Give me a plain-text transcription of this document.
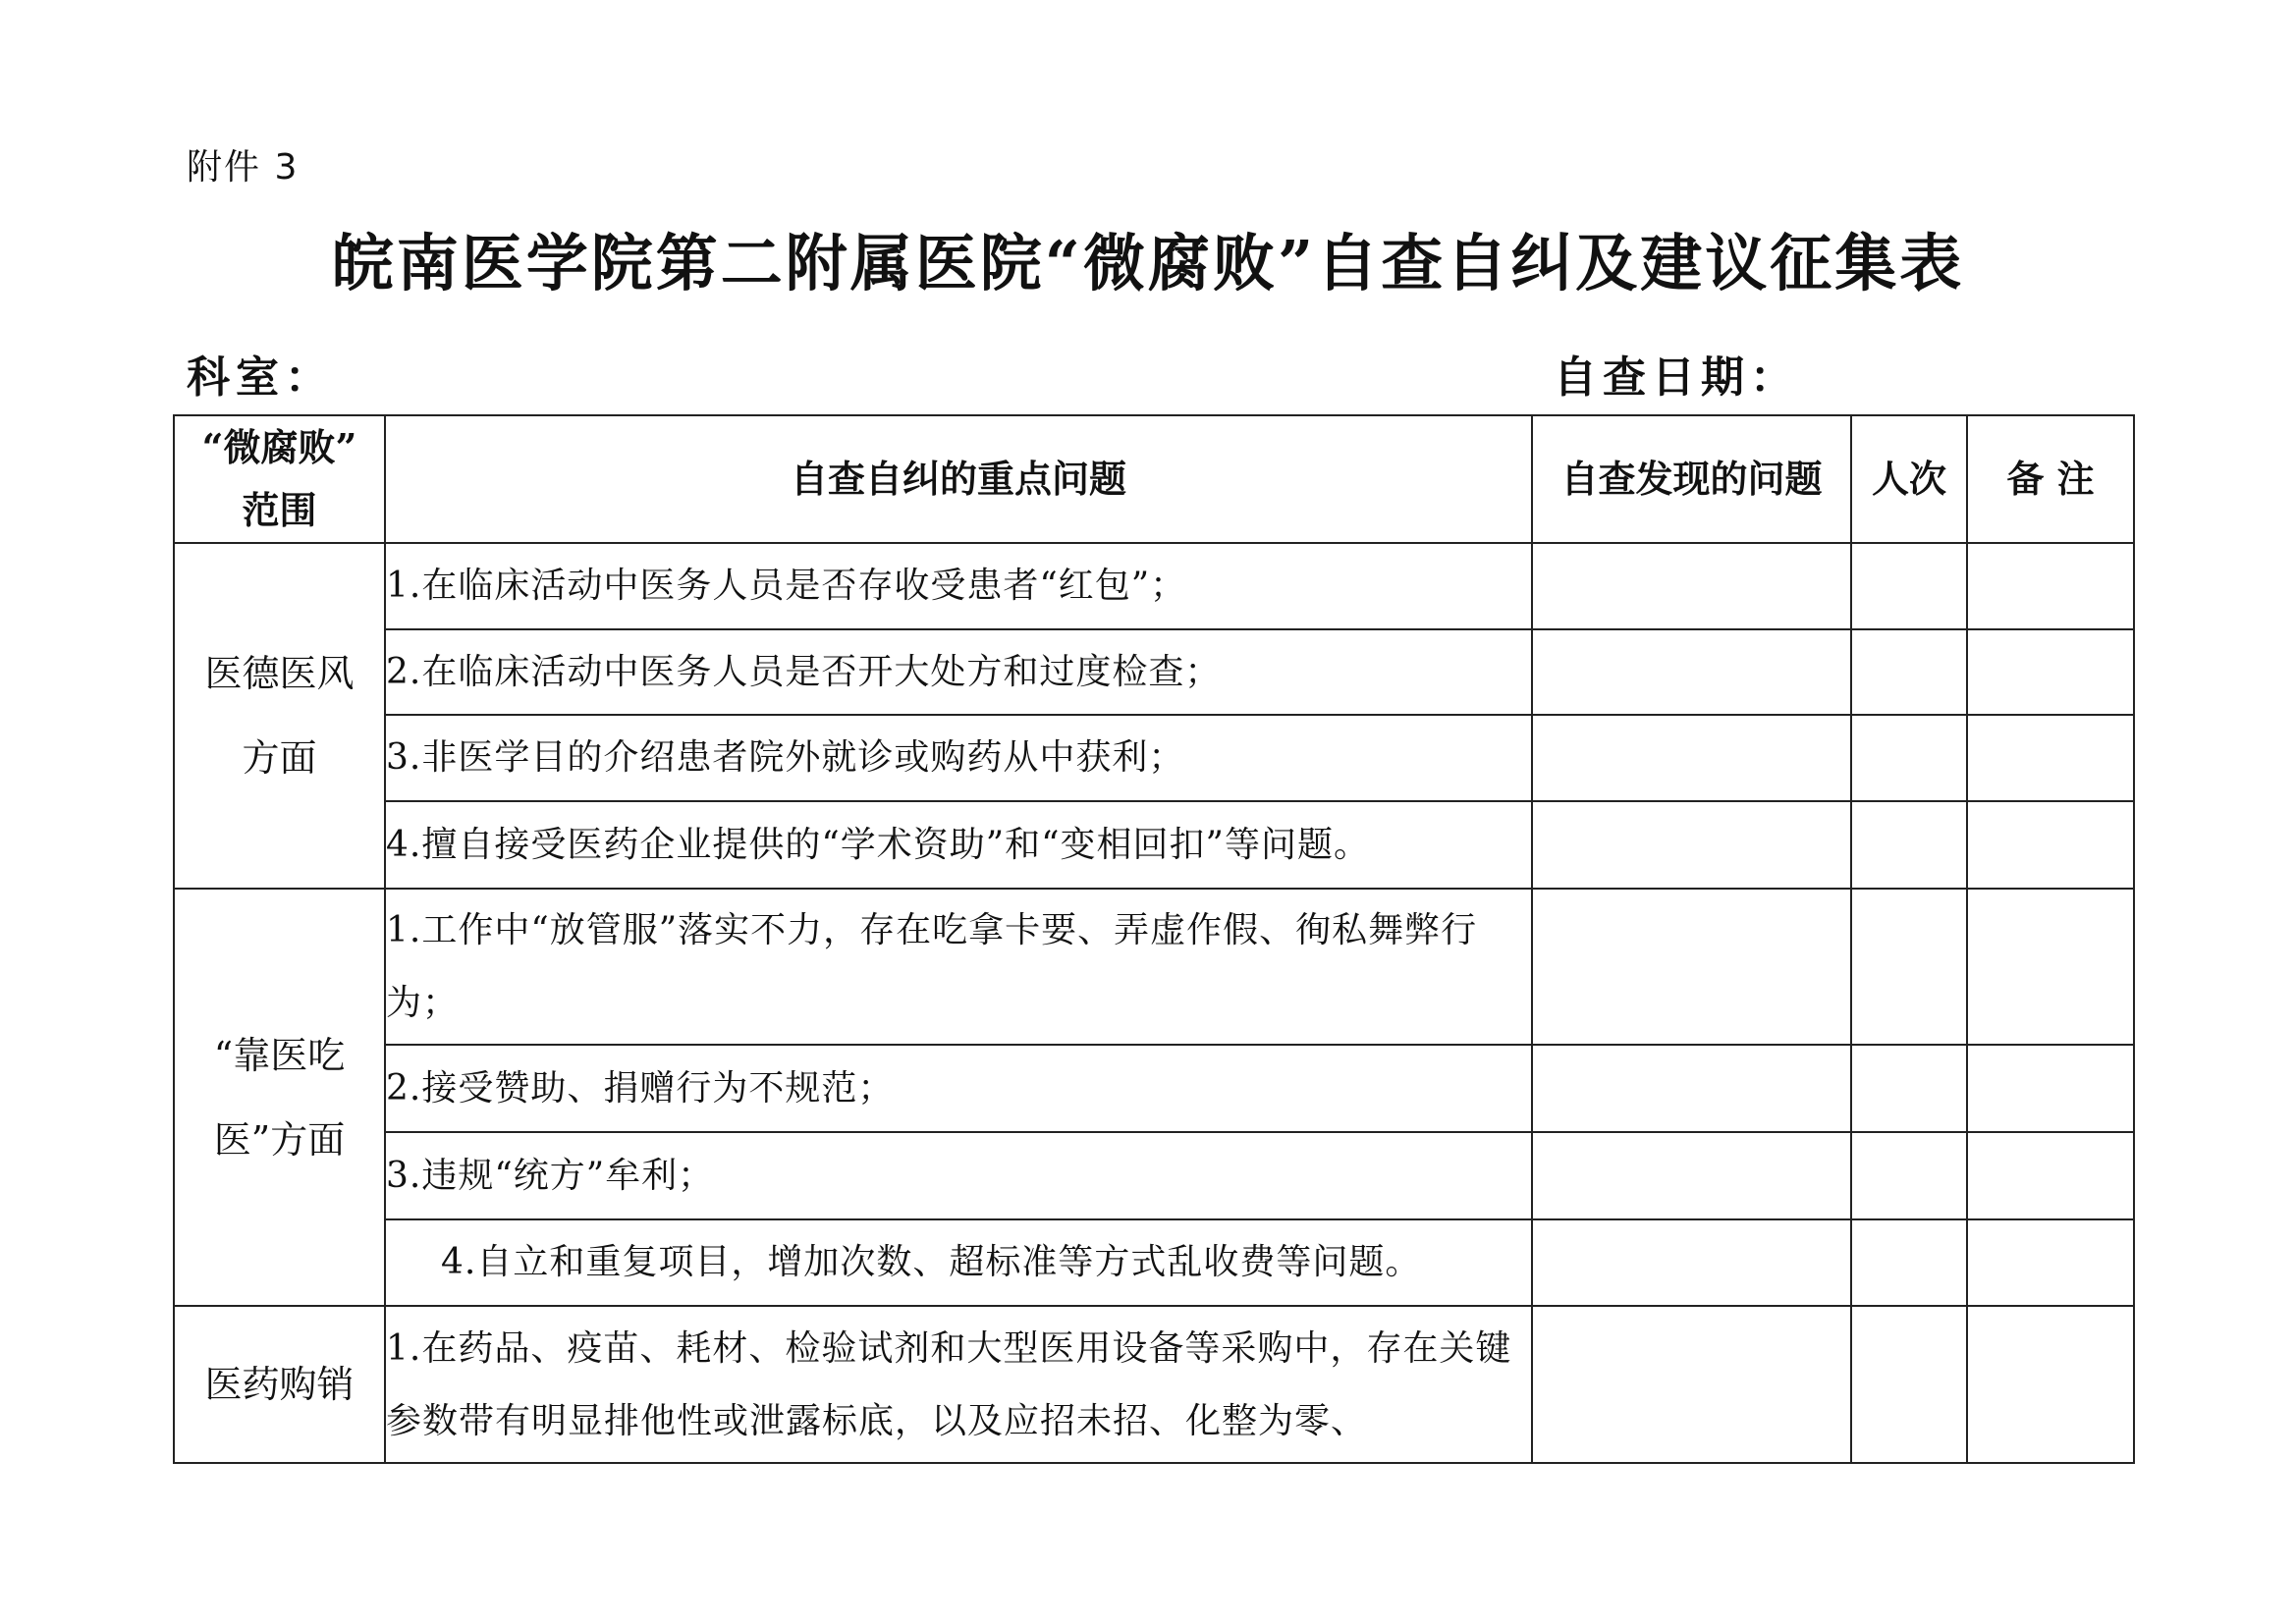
附件 3
皖南医学院第二附属医院“微腐败”自查自纠及建议征集表
科室：	自查日期：
“微腐败”
范围	自查自纠的重点问题	自查发现的问题	人次	备 注

医德医风
方面	1.在临床活动中医务人员是否存收受患者“红包”；			
	2.在临床活动中医务人员是否开大处方和过度检查；			
	3.非医学目的介绍患者院外就诊或购药从中获利；			
	4.擅自接受医药企业提供的“学术资助”和“变相回扣”等问题。			

“靠医吃
医”方面	1.工作中“放管服”落实不力，存在吃拿卡要、弄虚作假、徇私舞弊行为；			
	2.接受赞助、捐赠行为不规范；			
	3.违规“统方”牟利；			
	4.自立和重复项目，增加次数、超标准等方式乱收费等问题。			

医药购销	1.在药品、疫苗、耗材、检验试剂和大型医用设备等采购中，存在关键参数带有明显排他性或泄露标底，以及应招未招、化整为零、			
